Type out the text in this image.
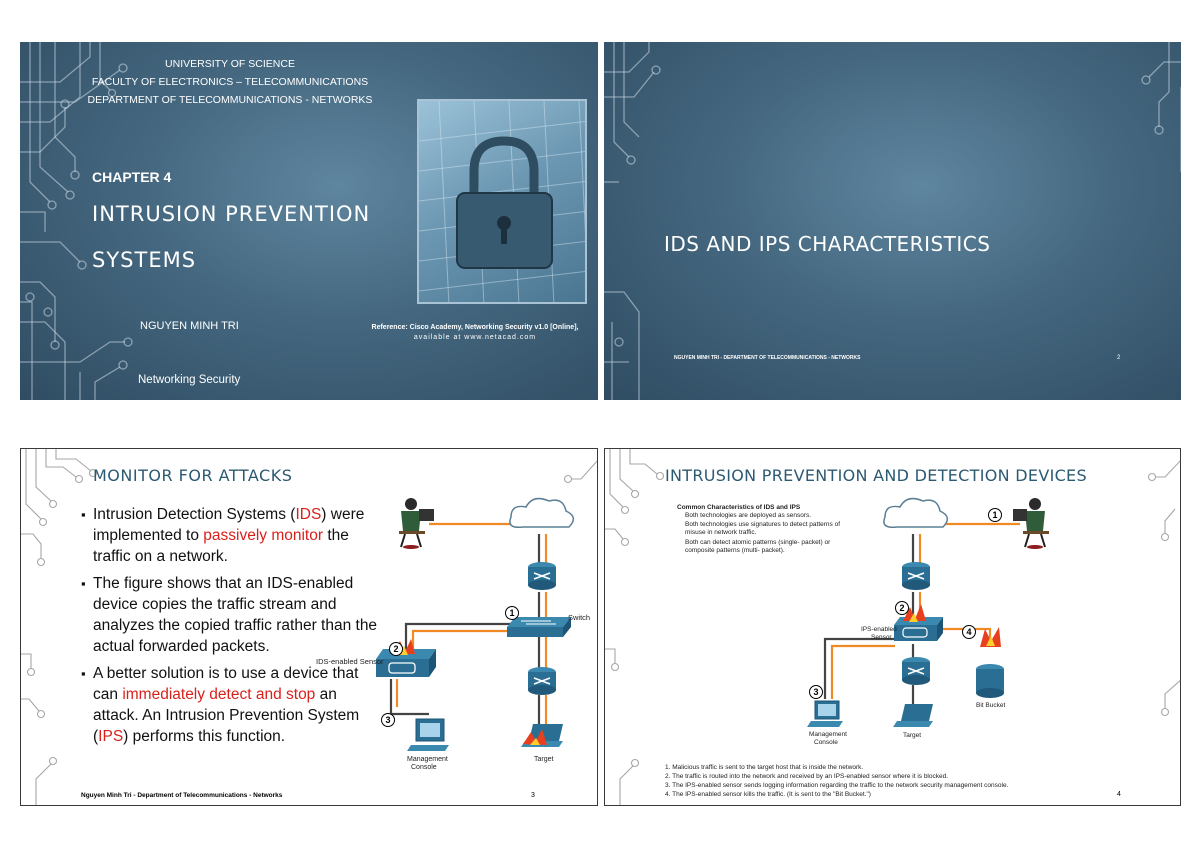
UNIVERSITY OF SCIENCE
FACULTY OF ELECTRONICS – TELECOMMUNICATIONS
DEPARTMENT OF TELECOMMUNICATIONS - NETWORKS
CHAPTER 4
INTRUSION PREVENTION
SYSTEMS
NGUYEN MINH TRI
Networking Security
Reference: Cisco Academy, Networking Security v1.0 [Online],
available at www.netacad.com
IDS AND IPS CHARACTERISTICS
NGUYEN MINH TRI - DEPARTMENT OF TELECOMMUNICATIONS - NETWORKS	2
MONITOR FOR ATTACKS
▪ Intrusion Detection Systems (IDS) were implemented to passively monitor the traffic on a network.
▪ The figure shows that an IDS-enabled device copies the traffic stream and analyzes the copied traffic rather than the actual forwarded packets.
▪ A better solution is to use a device that can immediately detect and stop an attack. An Intrusion Prevention System (IPS) performs this function.
Switch
IDS-enabled Sensor
Management
Console
Target
1
2
3
Nguyen Minh Tri - Department of Telecommunications - Networks	3
INTRUSION PREVENTION AND DETECTION DEVICES
Common Characteristics of IDS and IPS
Both technologies are deployed as sensors.
Both technologies use signatures to detect patterns of misuse in network traffic.
Both can detect atomic patterns (single- packet) or composite patterns (multi- packet).
IPS-enabled
Sensor
Bit Bucket
Management
Console
Target
1
2
4
3
1. Malicious traffic is sent to the target host that is inside the network.
2. The traffic is routed into the network and received by an IPS-enabled sensor where it is blocked.
3. The IPS-enabled sensor sends logging information regarding the traffic to the network security management console.
4. The IPS-enabled sensor kills the traffic. (It is sent to the "Bit Bucket.")	4
